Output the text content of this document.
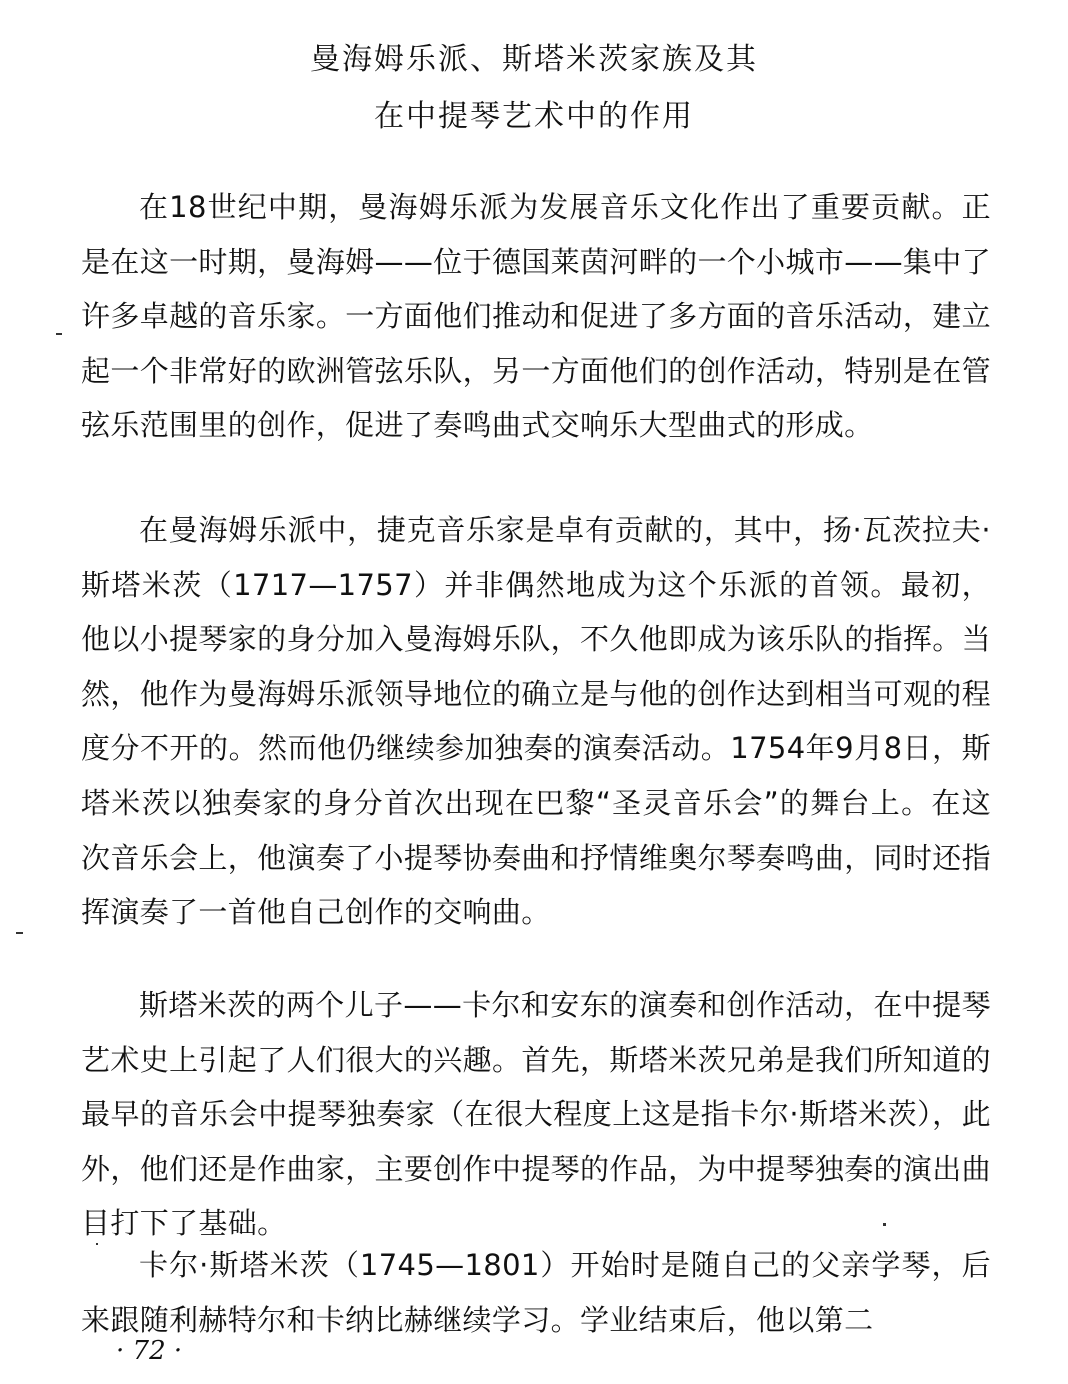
曼海姆乐派、斯塔米茨家族及其
在中提琴艺术中的作用

在18世纪中期，曼海姆乐派为发展音乐文化作出了重要贡献。正是在这一时期，曼海姆——位于德国莱茵河畔的一个小城市——集中了许多卓越的音乐家。一方面他们推动和促进了多方面的音乐活动，建立起一个非常好的欧洲管弦乐队，另一方面他们的创作活动，特别是在管弦乐范围里的创作，促进了奏鸣曲式交响乐大型曲式的形成。

在曼海姆乐派中，捷克音乐家是卓有贡献的，其中，扬·瓦茨拉夫·斯塔米茨（1717—1757）并非偶然地成为这个乐派的首领。最初，他以小提琴家的身分加入曼海姆乐队，不久他即成为该乐队的指挥。当然，他作为曼海姆乐派领导地位的确立是与他的创作达到相当可观的程度分不开的。然而他仍继续参加独奏的演奏活动。1754年9月8日，斯塔米茨以独奏家的身分首次出现在巴黎“圣灵音乐会”的舞台上。在这次音乐会上，他演奏了小提琴协奏曲和抒情维奥尔琴奏鸣曲，同时还指挥演奏了一首他自己创作的交响曲。

斯塔米茨的两个儿子——卡尔和安东的演奏和创作活动，在中提琴艺术史上引起了人们很大的兴趣。首先，斯塔米茨兄弟是我们所知道的最早的音乐会中提琴独奏家（在很大程度上这是指卡尔·斯塔米茨），此外，他们还是作曲家，主要创作中提琴的作品，为中提琴独奏的演出曲目打下了基础。

卡尔·斯塔米茨（1745—1801）开始时是随自己的父亲学琴，后来跟随利赫特尔和卡纳比赫继续学习。学业结束后，他以第二

· 72 ·
